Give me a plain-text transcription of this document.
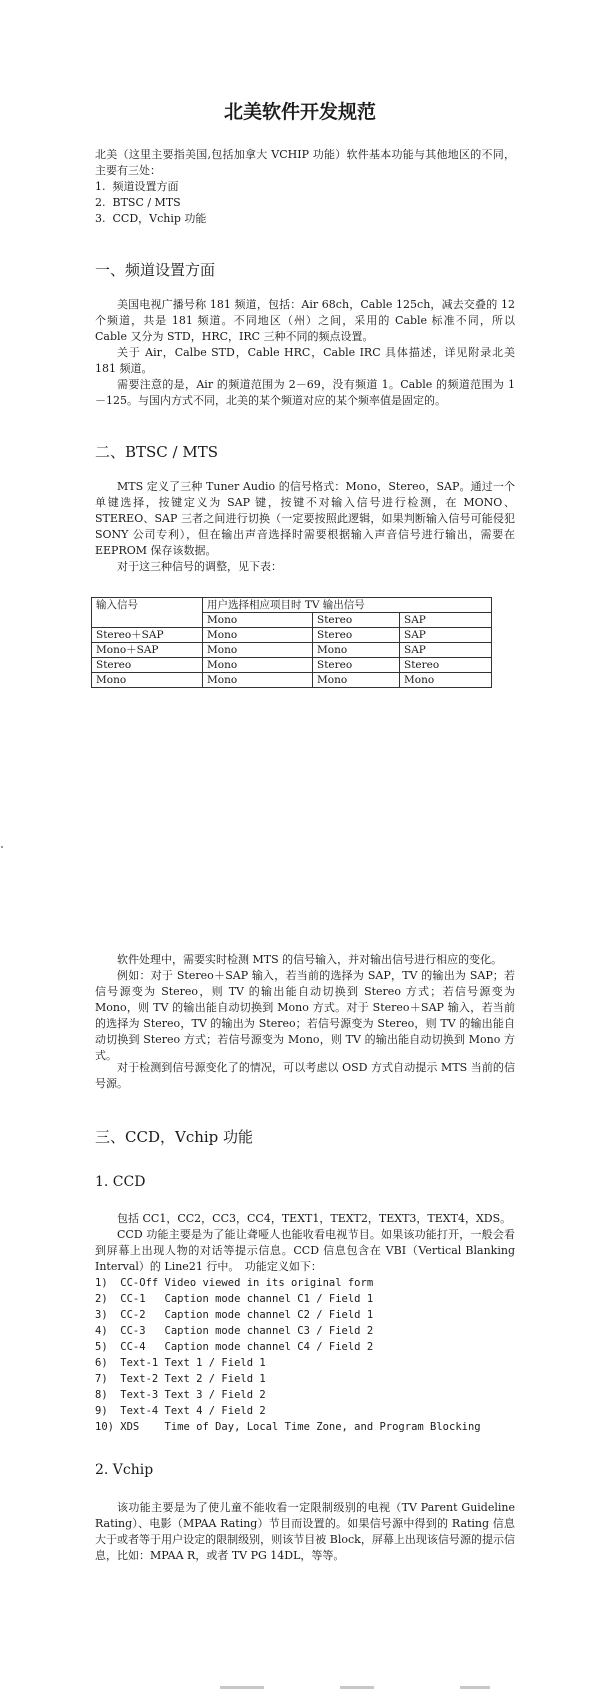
北美软件开发规范

北美（这里主要指美国,包括加拿大 VCHIP 功能）软件基本功能与其他地区的不同，主要有三处：

1.  频道设置方面
2.  BTSC / MTS
3.  CCD，Vchip 功能
一、频道设置方面

美国电视广播号称 181 频道，包括：Air 68ch，Cable 125ch，减去交叠的 12 个频道，共是 181 频道。不同地区（州）之间，采用的 Cable 标准不同，所以 Cable 又分为 STD，HRC，IRC 三种不同的频点设置。

关于 Air，Calbe STD，Cable HRC，Cable IRC 具体描述，详见附录北美 181 频道。

需要注意的是，Air 的频道范围为 2－69，没有频道 1。Cable 的频道范围为 1－125。与国内方式不同，北美的某个频道对应的某个频率值是固定的。

二、BTSC / MTS

MTS 定义了三种 Tuner Audio 的信号格式：Mono，Stereo，SAP。通过一个单键选择，按键定义为 SAP 键，按键不对输入信号进行检测，在 MONO、STEREO、SAP 三者之间进行切换（一定要按照此逻辑，如果判断输入信号可能侵犯 SONY 公司专利），但在输出声音选择时需要根据输入声音信号进行输出，需要在 EEPROM 保存该数据。

对于这三种信号的调整，见下表：

输入信号	用户选择相应项目时 TV 输出信号		
	Mono	Stereo	SAP
Stereo＋SAP	Mono	Stereo	SAP
Mono＋SAP	Mono	Mono	SAP
Stereo	Mono	Stereo	Stereo
Mono	Mono	Mono	Mono

软件处理中，需要实时检测 MTS 的信号输入，并对输出信号进行相应的变化。

例如：对于 Stereo＋SAP 输入，若当前的选择为 SAP，TV 的输出为 SAP；若信号源变为 Stereo，则 TV 的输出能自动切换到 Stereo 方式；若信号源变为 Mono，则 TV 的输出能自动切换到 Mono 方式。对于 Stereo＋SAP 输入，若当前的选择为 Stereo，TV 的输出为 Stereo；若信号源变为 Stereo，则 TV 的输出能自动切换到 Stereo 方式；若信号源变为 Mono，则 TV 的输出能自动切换到 Mono 方式。

对于检测到信号源变化了的情况，可以考虑以 OSD 方式自动提示 MTS 当前的信号源。

三、CCD，Vchip 功能
1. CCD

包括 CC1，CC2，CC3，CC4，TEXT1，TEXT2，TEXT3，TEXT4，XDS。

CCD 功能主要是为了能让聋哑人也能收看电视节目。如果该功能打开，一般会看到屏幕上出现人物的对话等提示信息。CCD 信息包含在 VBI（Vertical Blanking Interval）的 Line21 行中。　功能定义如下：

1)  CC-Off Video viewed in its original form
2)  CC-1   Caption mode channel C1 / Field 1
3)  CC-2   Caption mode channel C2 / Field 1
4)  CC-3   Caption mode channel C3 / Field 2
5)  CC-4   Caption mode channel C4 / Field 2
6)  Text-1 Text 1 / Field 1
7)  Text-2 Text 2 / Field 1
8)  Text-3 Text 3 / Field 2
9)  Text-4 Text 4 / Field 2
10) XDS    Time of Day, Local Time Zone, and Program Blocking
2. Vchip

该功能主要是为了使儿童不能收看一定限制级别的电视（TV Parent Guideline Rating）、电影（MPAA Rating）节目而设置的。如果信号源中得到的 Rating 信息大于或者等于用户设定的限制级别，则该节目被 Block，屏幕上出现该信号源的提示信息，比如：MPAA R，或者 TV PG 14DL，等等。
